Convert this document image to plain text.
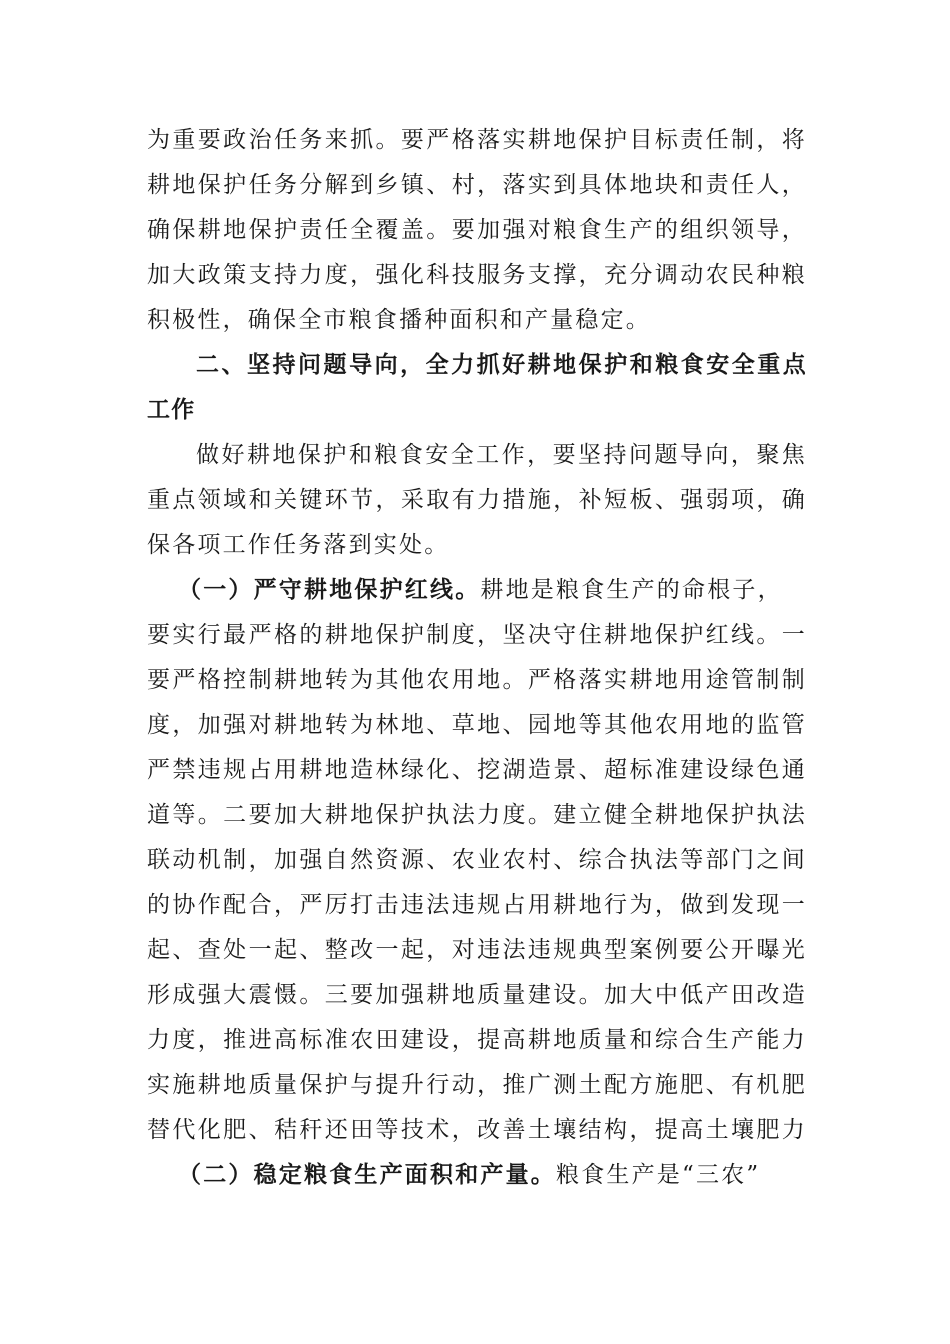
为重要政治任务来抓。要严格落实耕地保护目标责任制，将
耕地保护任务分解到乡镇、村，落实到具体地块和责任人，
确保耕地保护责任全覆盖。要加强对粮食生产的组织领导，
加大政策支持力度，强化科技服务支撑，充分调动农民种粮
积极性，确保全市粮食播种面积和产量稳定。
二、坚持问题导向，全力抓好耕地保护和粮食安全重点
工作
做好耕地保护和粮食安全工作，要坚持问题导向，聚焦
重点领域和关键环节，采取有力措施，补短板、强弱项，确
保各项工作任务落到实处。
（一）严守耕地保护红线。耕地是粮食生产的命根子，
要实行最严格的耕地保护制度，坚决守住耕地保护红线。一
要严格控制耕地转为其他农用地。严格落实耕地用途管制制
度，加强对耕地转为林地、草地、园地等其他农用地的监管
严禁违规占用耕地造林绿化、挖湖造景、超标准建设绿色通
道等。二要加大耕地保护执法力度。建立健全耕地保护执法
联动机制，加强自然资源、农业农村、综合执法等部门之间
的协作配合，严厉打击违法违规占用耕地行为，做到发现一
起、查处一起、整改一起，对违法违规典型案例要公开曝光
形成强大震慑。三要加强耕地质量建设。加大中低产田改造
力度，推进高标准农田建设，提高耕地质量和综合生产能力
实施耕地质量保护与提升行动，推广测土配方施肥、有机肥
替代化肥、秸秆还田等技术，改善土壤结构，提高土壤肥力
（二）稳定粮食生产面积和产量。粮食生产是“三农”
